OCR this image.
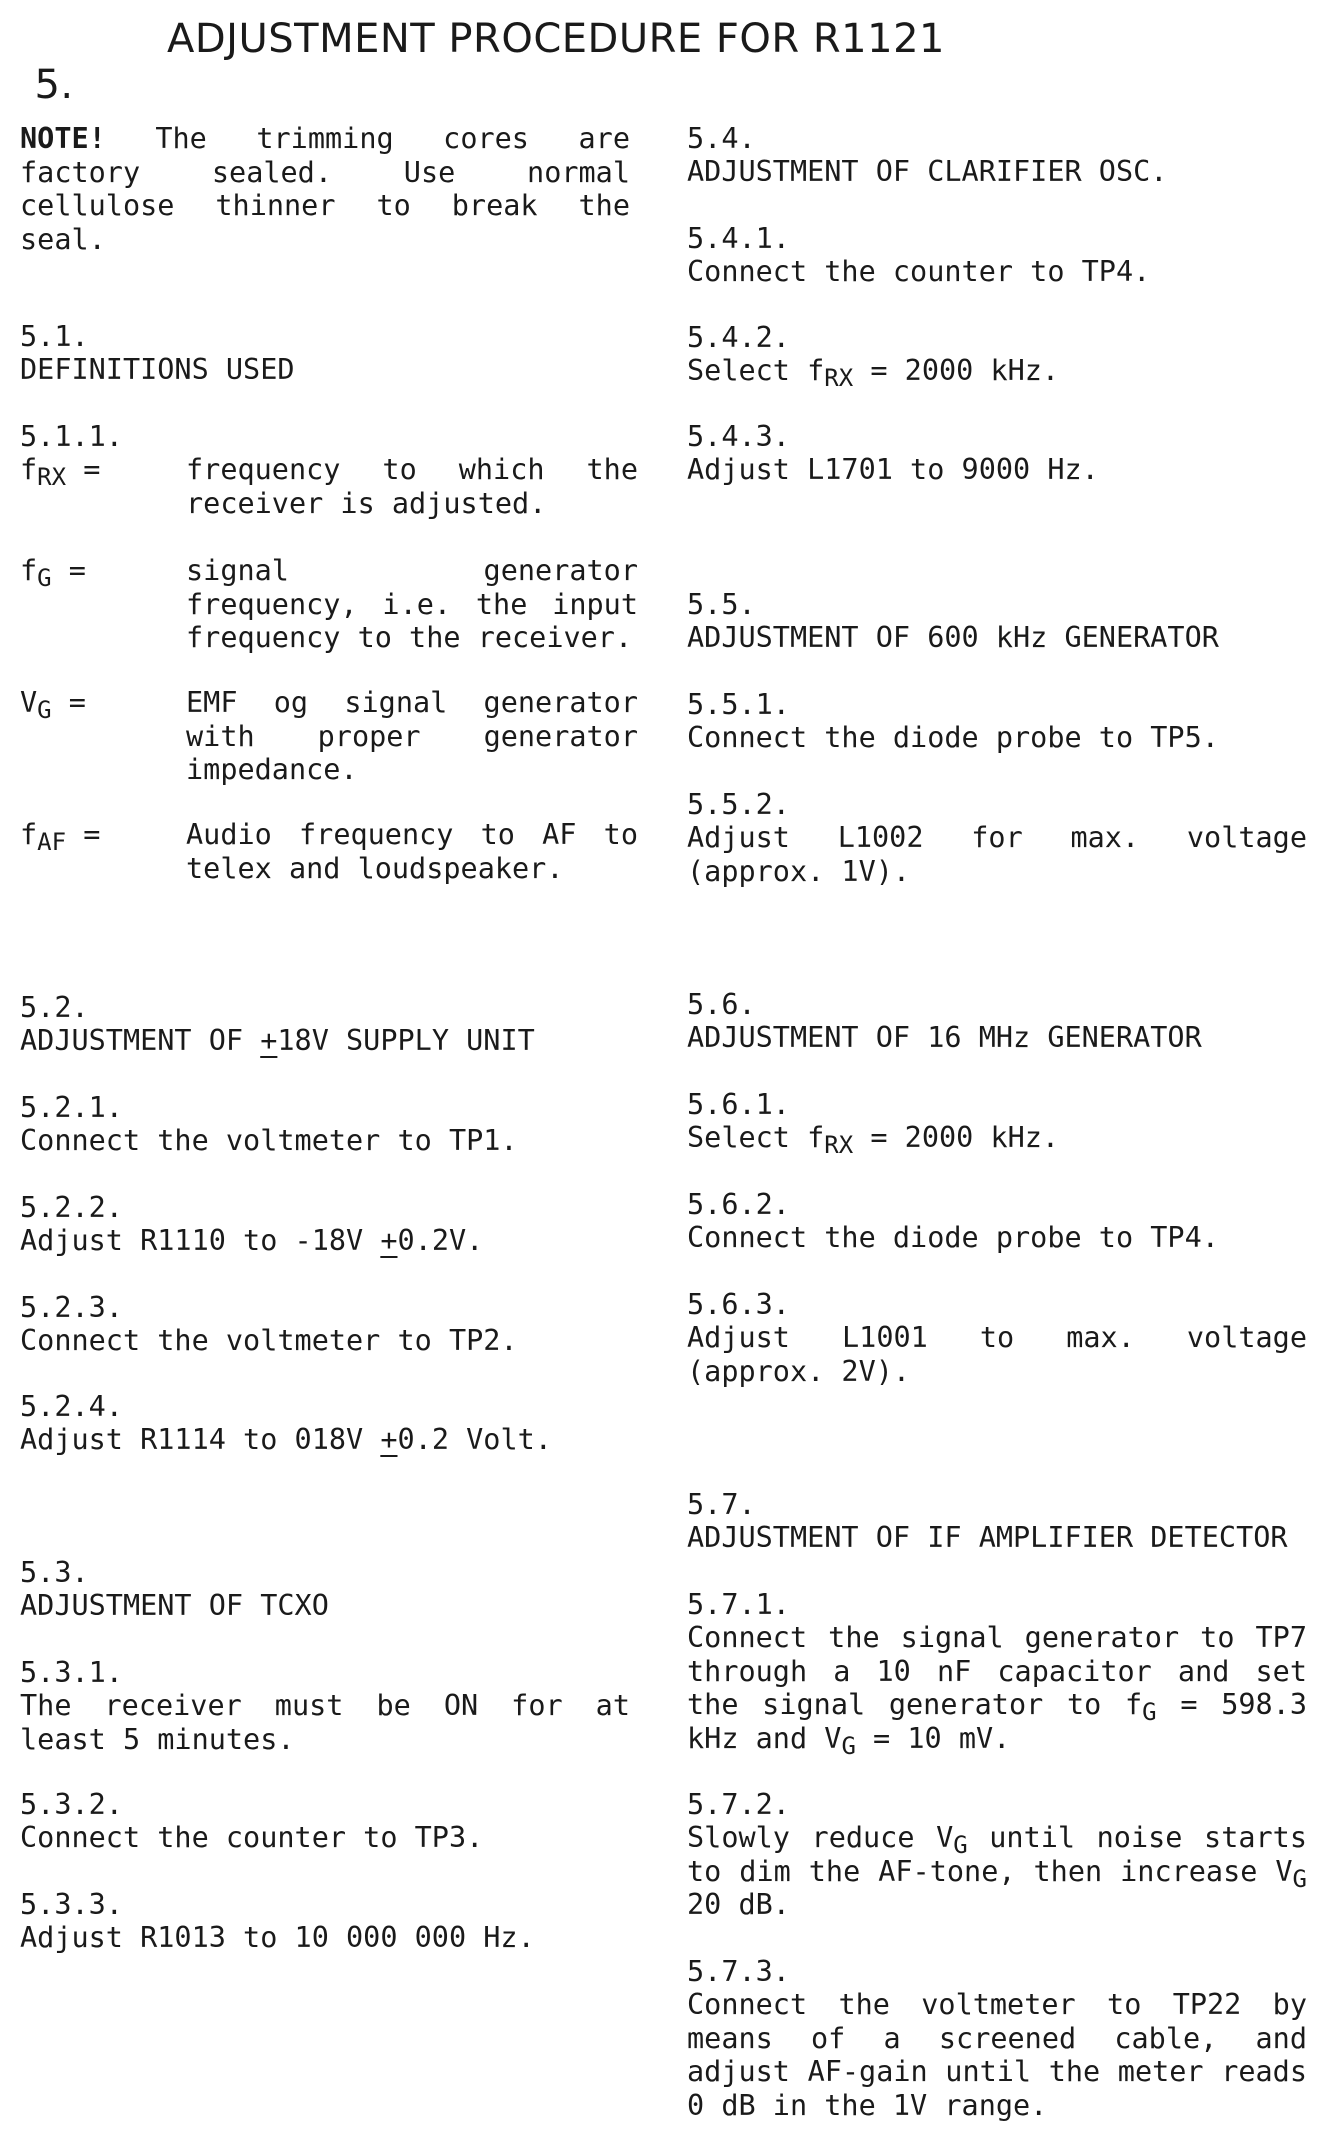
5.

ADJUSTMENT PROCEDURE FOR R1121

NOTE! The trimming cores are factory sealed. Use normal cellulose thinner to break the seal.
5.1.
DEFINITIONS USED
5.1.1.
$f_{RX}$ =	frequency to which the receiver is adjusted.
$f_G$ =	signal generator frequency, i.e. the input frequency to the receiver.
$V_G$ =	EMF og signal generator with proper generator impedance.
$f_{AF}$ =	Audio frequency to AF to telex and loudspeaker.
5.2.
ADJUSTMENT OF +18V SUPPLY UNIT
5.2.1.
Connect the voltmeter to TP1.
5.2.2.
Adjust R1110 to -18V +0.2V.
5.2.3.
Connect the voltmeter to TP2.
5.2.4.
Adjust R1114 to 018V +0.2 Volt.
5.3.
ADJUSTMENT OF TCXO
5.3.1.
The receiver must be ON for at least 5 minutes.
5.3.2.
Connect the counter to TP3.
5.3.3.
Adjust R1013 to 10 000 000 Hz.
5.4.
ADJUSTMENT OF CLARIFIER OSC.
5.4.1.
Connect the counter to TP4.
5.4.2.
Select $f_{RX} = 2000$ kHz.
5.4.3.
Adjust L1701 to 9000 Hz.
5.5.
ADJUSTMENT OF 600 kHz GENERATOR
5.5.1.
Connect the diode probe to TP5.
5.5.2.
Adjust L1002 for max. voltage (approx. 1V).
5.6.
ADJUSTMENT OF 16 MHz GENERATOR
5.6.1.
Select $f_{RX} = 2000$ kHz.
5.6.2.
Connect the diode probe to TP4.
5.6.3.
Adjust L1001 to max. voltage (approx. 2V).
5.7.
ADJUSTMENT OF IF AMPLIFIER DETECTOR
5.7.1.
Connect the signal generator to TP7 through a 10 nF capacitor and set the signal generator to $f_G = 598.3$ kHz and $V_G = 10$ mV.
5.7.2.
Slowly reduce $V_G$ until noise starts to dim the AF-tone, then increase $V_G$ 20 dB.
5.7.3.
Connect the voltmeter to TP22 by means of a screened cable, and adjust AF-gain until the meter reads 0 dB in the 1V range.
